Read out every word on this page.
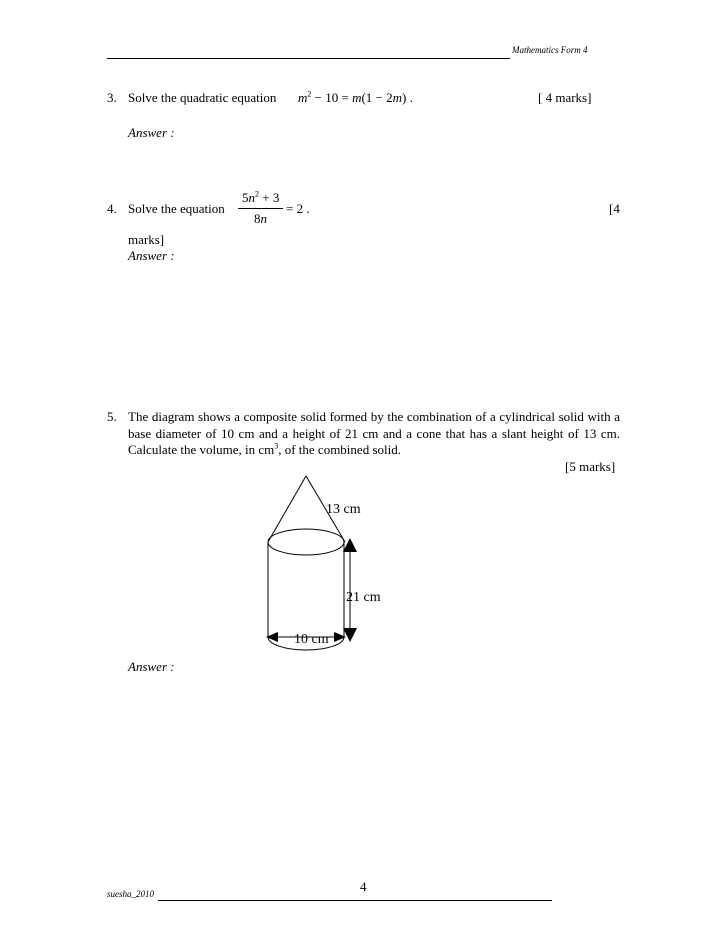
Mathematics Form 4
3. Solve the quadratic equation $m^2 - 10 = m(1 - 2m)$ .	[ 4 marks]
Answer :
4. Solve the equation
$5n^2 + 3$
8n
= 2 .	[4
marks]
Answer :
5. The diagram shows a composite solid formed by the combination of a cylindrical solid with a base diameter of 10 cm and a height of 21 cm and a cone that has a slant height of 13 cm. Calculate the volume, in $cm^3$, of the combined solid.
[5 marks]
13 cm
21 cm
10 cm
Answer :
4
suesha_2010
